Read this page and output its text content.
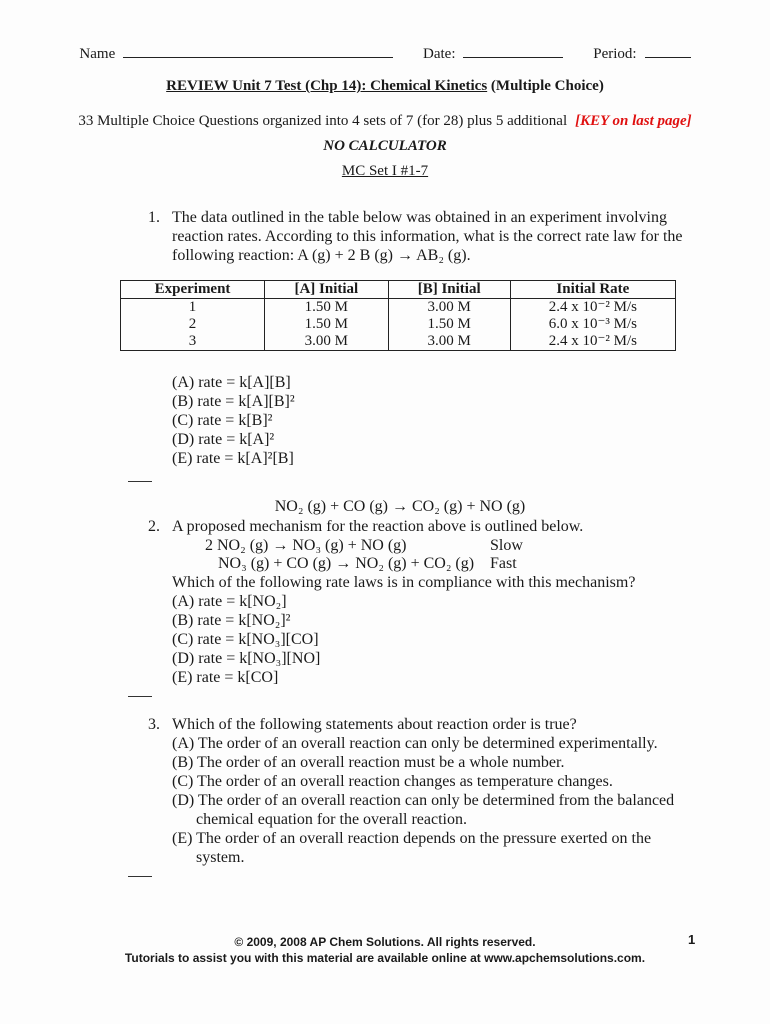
Name	Date:	Period:
REVIEW Unit 7 Test (Chp 14): Chemical Kinetics (Multiple Choice)
33 Multiple Choice Questions organized into 4 sets of 7 (for 28) plus 5 additional [KEY on last page]
NO CALCULATOR
MC Set I #1-7
1. The data outlined in the table below was obtained in an experiment involving
reaction rates. According to this information, what is the correct rate law for the
following reaction: A (g) + 2 B (g) → AB₂ (g).
Experiment	[A] Initial	[B] Initial	Initial Rate
1	1.50 M	3.00 M	2.4 x 10⁻² M/s
2	1.50 M	1.50 M	6.0 x 10⁻³ M/s
3	3.00 M	3.00 M	2.4 x 10⁻² M/s
(A) rate = k[A][B]
(B) rate = k[A][B]²
(C) rate = k[B]²
(D) rate = k[A]²
(E) rate = k[A]²[B]
NO₂ (g) + CO (g) → CO₂ (g) + NO (g)
2. A proposed mechanism for the reaction above is outlined below.
2 NO₂ (g) → NO₃ (g) + NO (g)	Slow
NO₃ (g) + CO (g) → NO₂ (g) + CO₂ (g) Fast
Which of the following rate laws is in compliance with this mechanism?
(A) rate = k[NO₂]
(B) rate = k[NO₂]²
(C) rate = k[NO₃][CO]
(D) rate = k[NO₃][NO]
(E) rate = k[CO]
3. Which of the following statements about reaction order is true?
(A) The order of an overall reaction can only be determined experimentally.
(B) The order of an overall reaction must be a whole number.
(C) The order of an overall reaction changes as temperature changes.
(D) The order of an overall reaction can only be determined from the balanced
chemical equation for the overall reaction.
(E) The order of an overall reaction depends on the pressure exerted on the
system.
© 2009, 2008 AP Chem Solutions. All rights reserved.
Tutorials to assist you with this material are available online at www.apchemsolutions.com.
1
